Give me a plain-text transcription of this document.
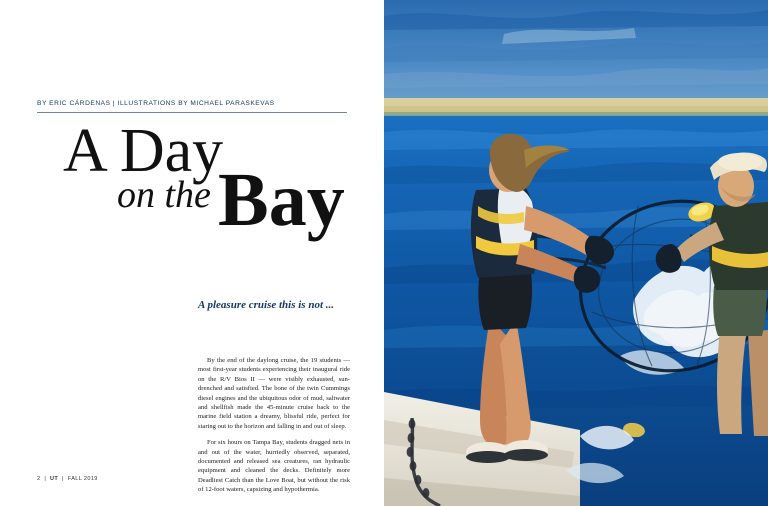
BY ERIC CÁRDENAS | ILLUSTRATIONS BY MICHAEL PARASKEVAS
A Day
on the Bay
A pleasure cruise this is not ...

By the end of the daylong cruise, the 19 students — most first-year students experiencing their inaugural ride on the R/V Bios II — were visibly exhausted, sun-drenched and satisfied. The bone of the twin Cummings diesel engines and the ubiquitous odor of mud, saltwater and shellfish made the 45-minute cruise back to the marine field station a dreamy, blissful ride, perfect for staring out to the horizon and falling in and out of sleep.

For six hours on Tampa Bay, students dragged nets in and out of the water, hurriedly observed, separated, documented and released sea creatures, ran hydraulic equipment and cleaned the decks. Definitely more Deadliest Catch than the Love Boat, but without the risk of 12-foot waters, capsizing and hypothermia.

2  |  UT  |  FALL 2019
